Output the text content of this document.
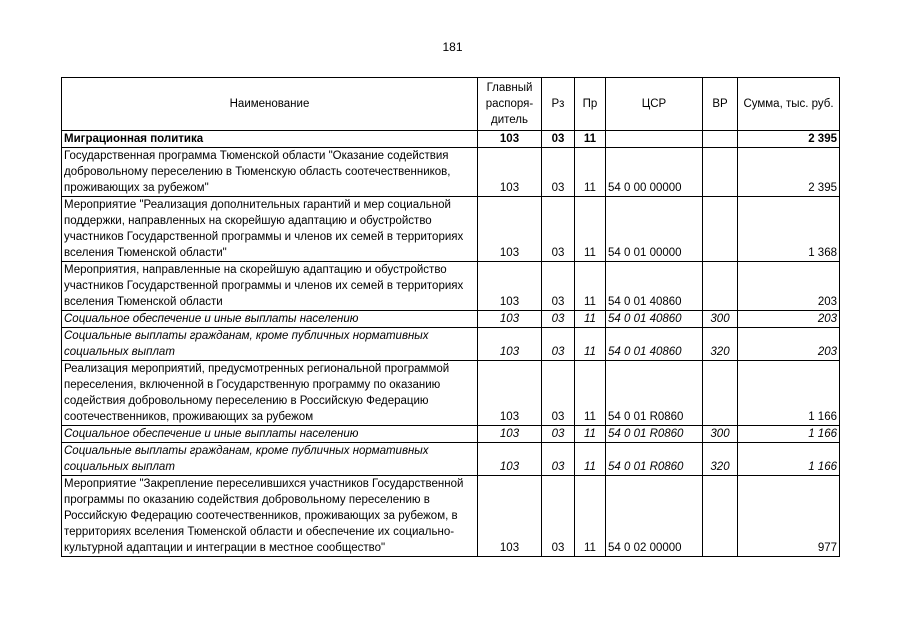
181
Наименование	Главный распоря-дитель	Рз	Пр	ЦСР	ВР	Сумма, тыс. руб.
Миграционная политика	103	03	11			2 395
Государственная программа Тюменской области "Оказание содействия добровольному переселению в Тюменскую область соотечественников, проживающих за рубежом"	103	03	11	54 0 00 00000		2 395
Мероприятие "Реализация дополнительных гарантий и мер социальной поддержки, направленных на скорейшую адаптацию и обустройство участников Государственной программы и членов их семей в территориях вселения Тюменской области"	103	03	11	54 0 01 00000		1 368
Мероприятия, направленные на скорейшую адаптацию и обустройство участников Государственной программы и членов их семей в территориях вселения Тюменской области	103	03	11	54 0 01 40860		203
Социальное обеспечение и иные выплаты населению	103	03	11	54 0 01 40860	300	203
Социальные выплаты гражданам, кроме публичных нормативных социальных выплат	103	03	11	54 0 01 40860	320	203
Реализация мероприятий, предусмотренных региональной программой переселения, включенной в Государственную программу по оказанию содействия добровольному переселению в Российскую Федерацию соотечественников, проживающих за рубежом	103	03	11	54 0 01 R0860		1 166
Социальное обеспечение и иные выплаты населению	103	03	11	54 0 01 R0860	300	1 166
Социальные выплаты гражданам, кроме публичных нормативных социальных выплат	103	03	11	54 0 01 R0860	320	1 166
Мероприятие "Закрепление переселившихся участников Государственной программы по оказанию содействия добровольному переселению в Российскую Федерацию соотечественников, проживающих за рубежом, в территориях вселения Тюменской области и обеспечение их социально-культурной адаптации и интеграции в местное сообщество"	103	03	11	54 0 02 00000		977
